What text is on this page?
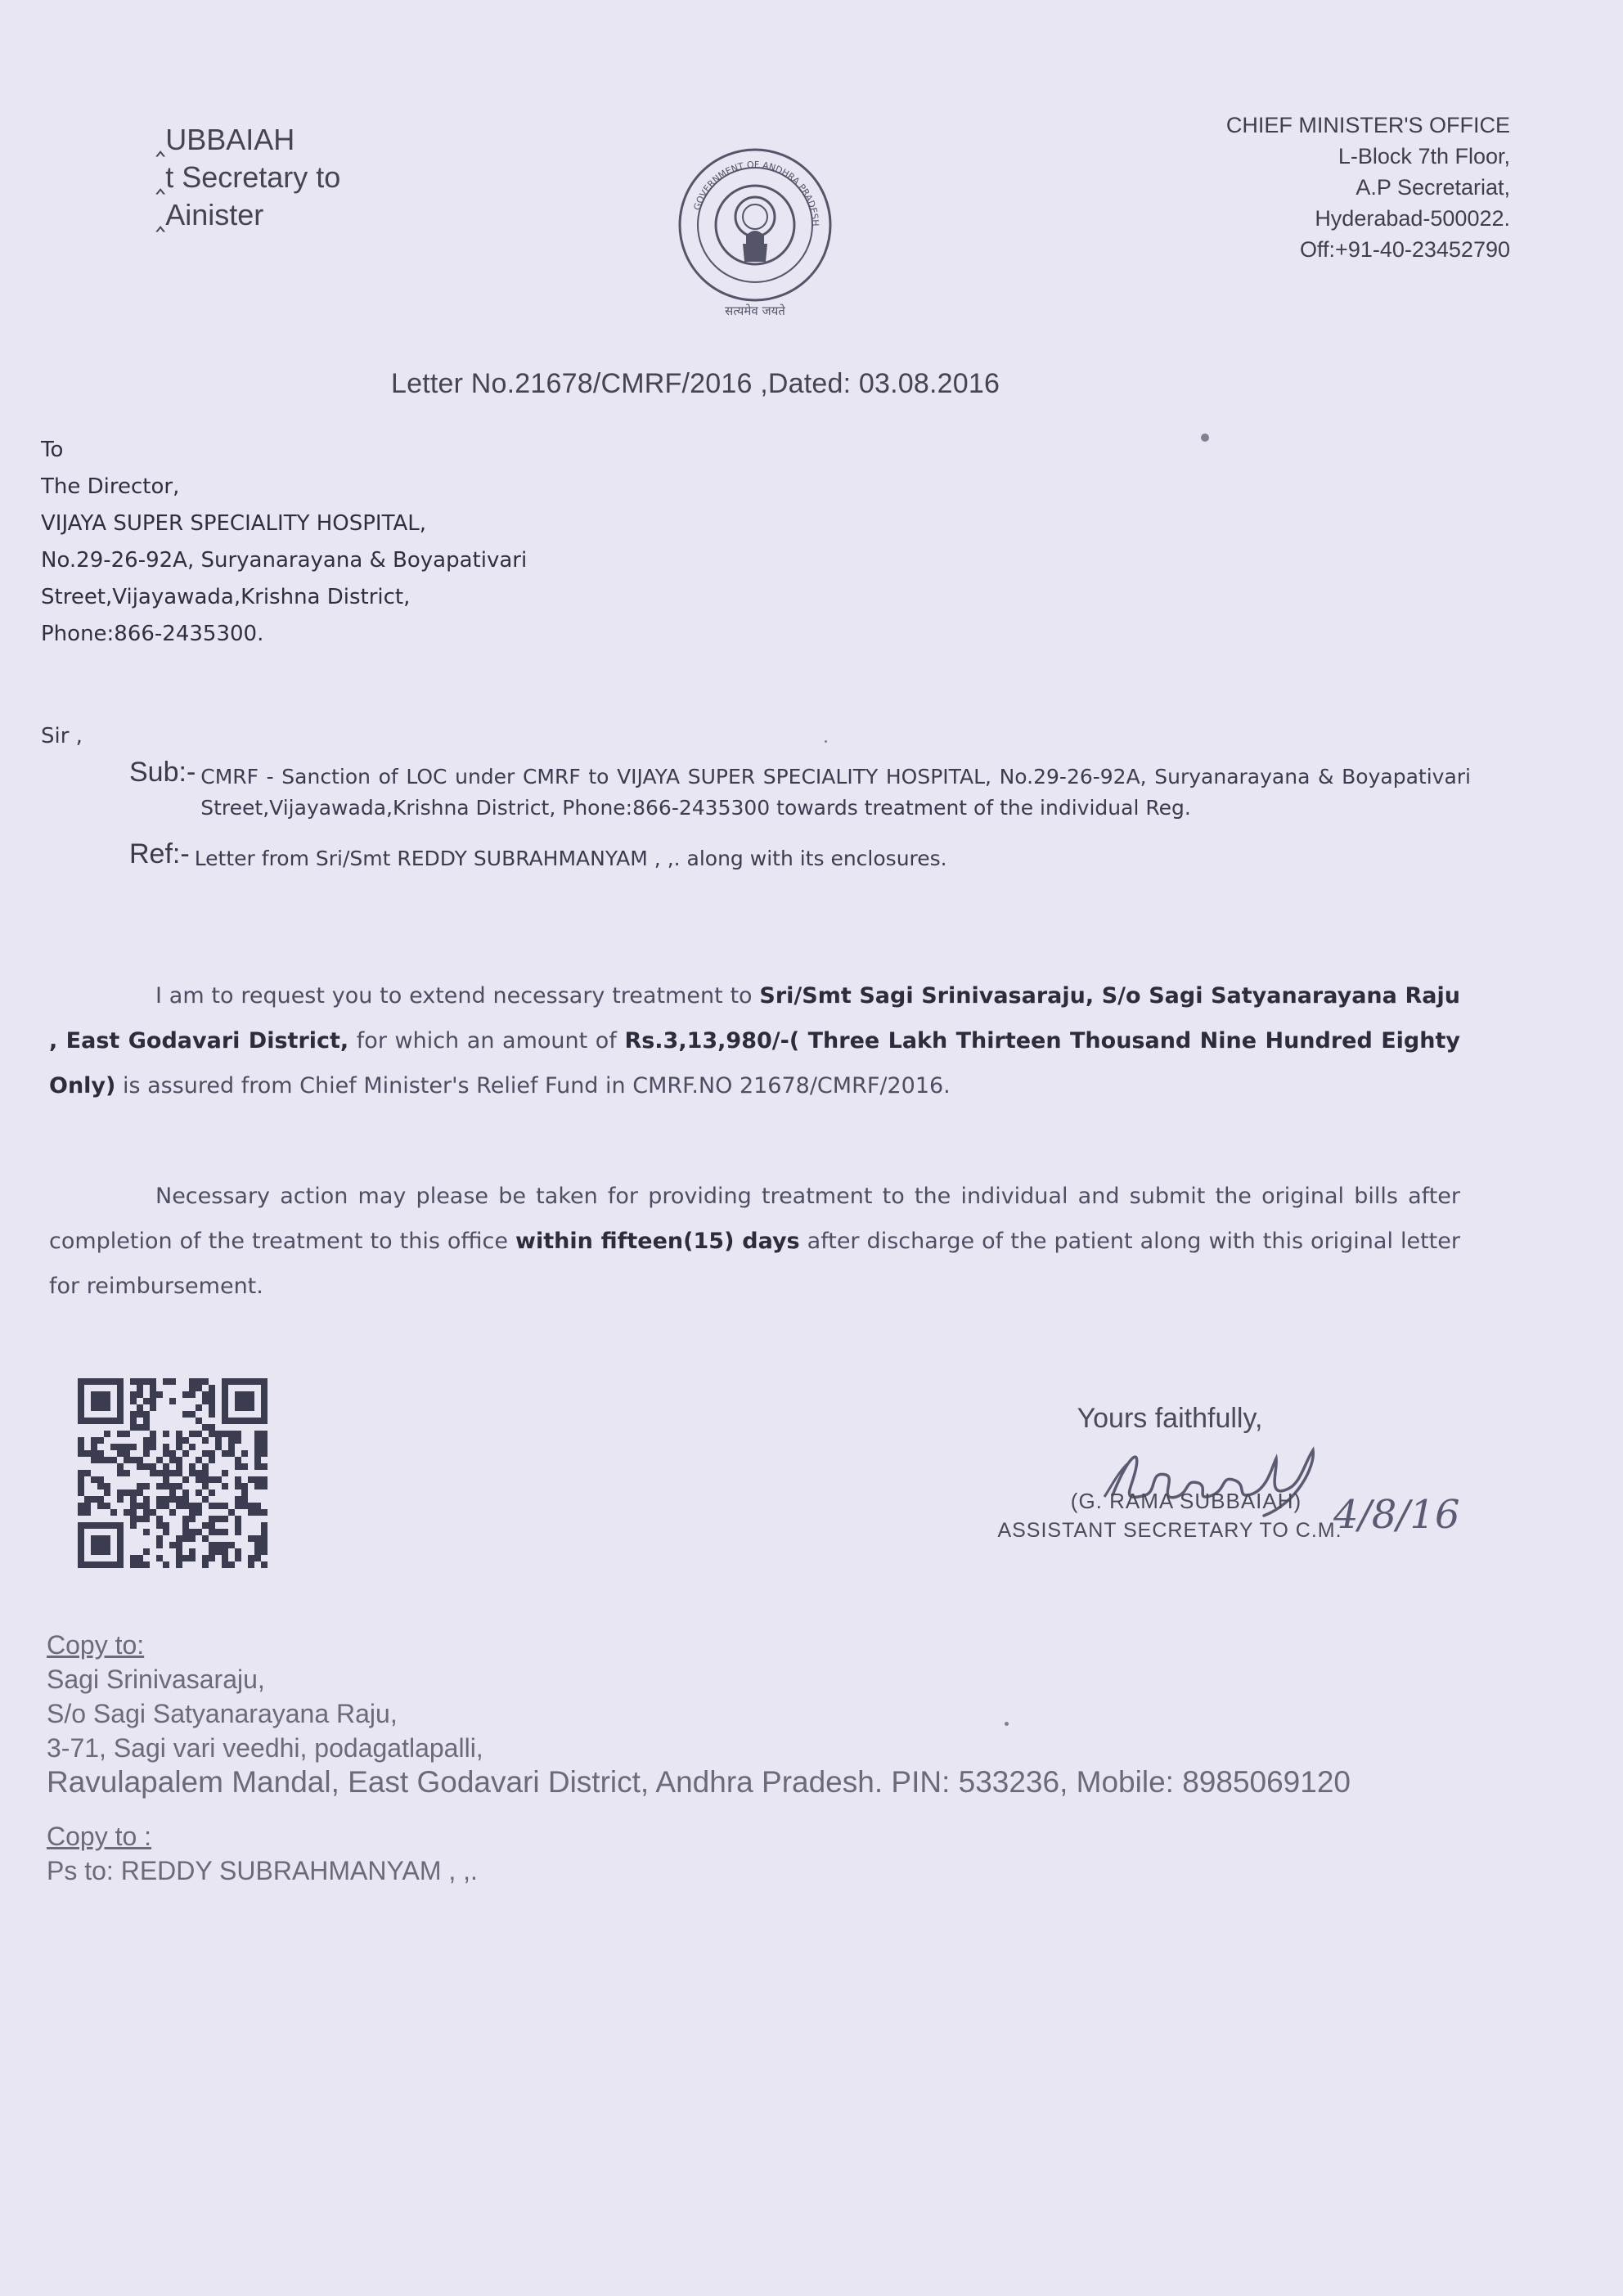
‸UBBAIAH
‸t Secretary to
‸Ainister	GOVERNMENT OF ANDHRA PRADESH
सत्यमेव जयते
CHIEF MINISTER'S OFFICE
L-Block 7th Floor,
A.P Secretariat,
Hyderabad-500022.
Off:+91-40-23452790
Letter No.21678/CMRF/2016 ,Dated: 03.08.2016
To
The Director,
VIJAYA SUPER SPECIALITY HOSPITAL,
No.29-26-92A, Suryanarayana & Boyapativari Street,Vijayawada,Krishna District, Phone:866-2435300.
Sir ,
Sub:- CMRF - Sanction of LOC under CMRF to VIJAYA SUPER SPECIALITY HOSPITAL, No.29-26-92A, Suryanarayana & Boyapativari Street,Vijayawada,Krishna District, Phone:866-2435300 towards treatment of the individual Reg.
Ref:- Letter from Sri/Smt REDDY SUBRAHMANYAM , ,. along with its enclosures.
I am to request you to extend necessary treatment to Sri/Smt Sagi Srinivasaraju, S/o Sagi Satyanarayana Raju , East Godavari District, for which an amount of Rs.3,13,980/-( Three Lakh Thirteen Thousand Nine Hundred Eighty Only) is assured from Chief Minister's Relief Fund in CMRF.NO 21678/CMRF/2016.
Necessary action may please be taken for providing treatment to the individual and submit the original bills after completion of the treatment to this office within fifteen(15) days after discharge of the patient along with this original letter for reimbursement.
Yours faithfully,
4/8/16
(G. RAMA SUBBAIAH)
ASSISTANT SECRETARY TO C.M.
Copy to:
Sagi Srinivasaraju,
S/o Sagi Satyanarayana Raju,
3-71, Sagi vari veedhi, podagatlapalli,
Ravulapalem Mandal, East Godavari District, Andhra Pradesh. PIN: 533236, Mobile: 8985069120
Copy to :
Ps to: REDDY SUBRAHMANYAM , ,.
